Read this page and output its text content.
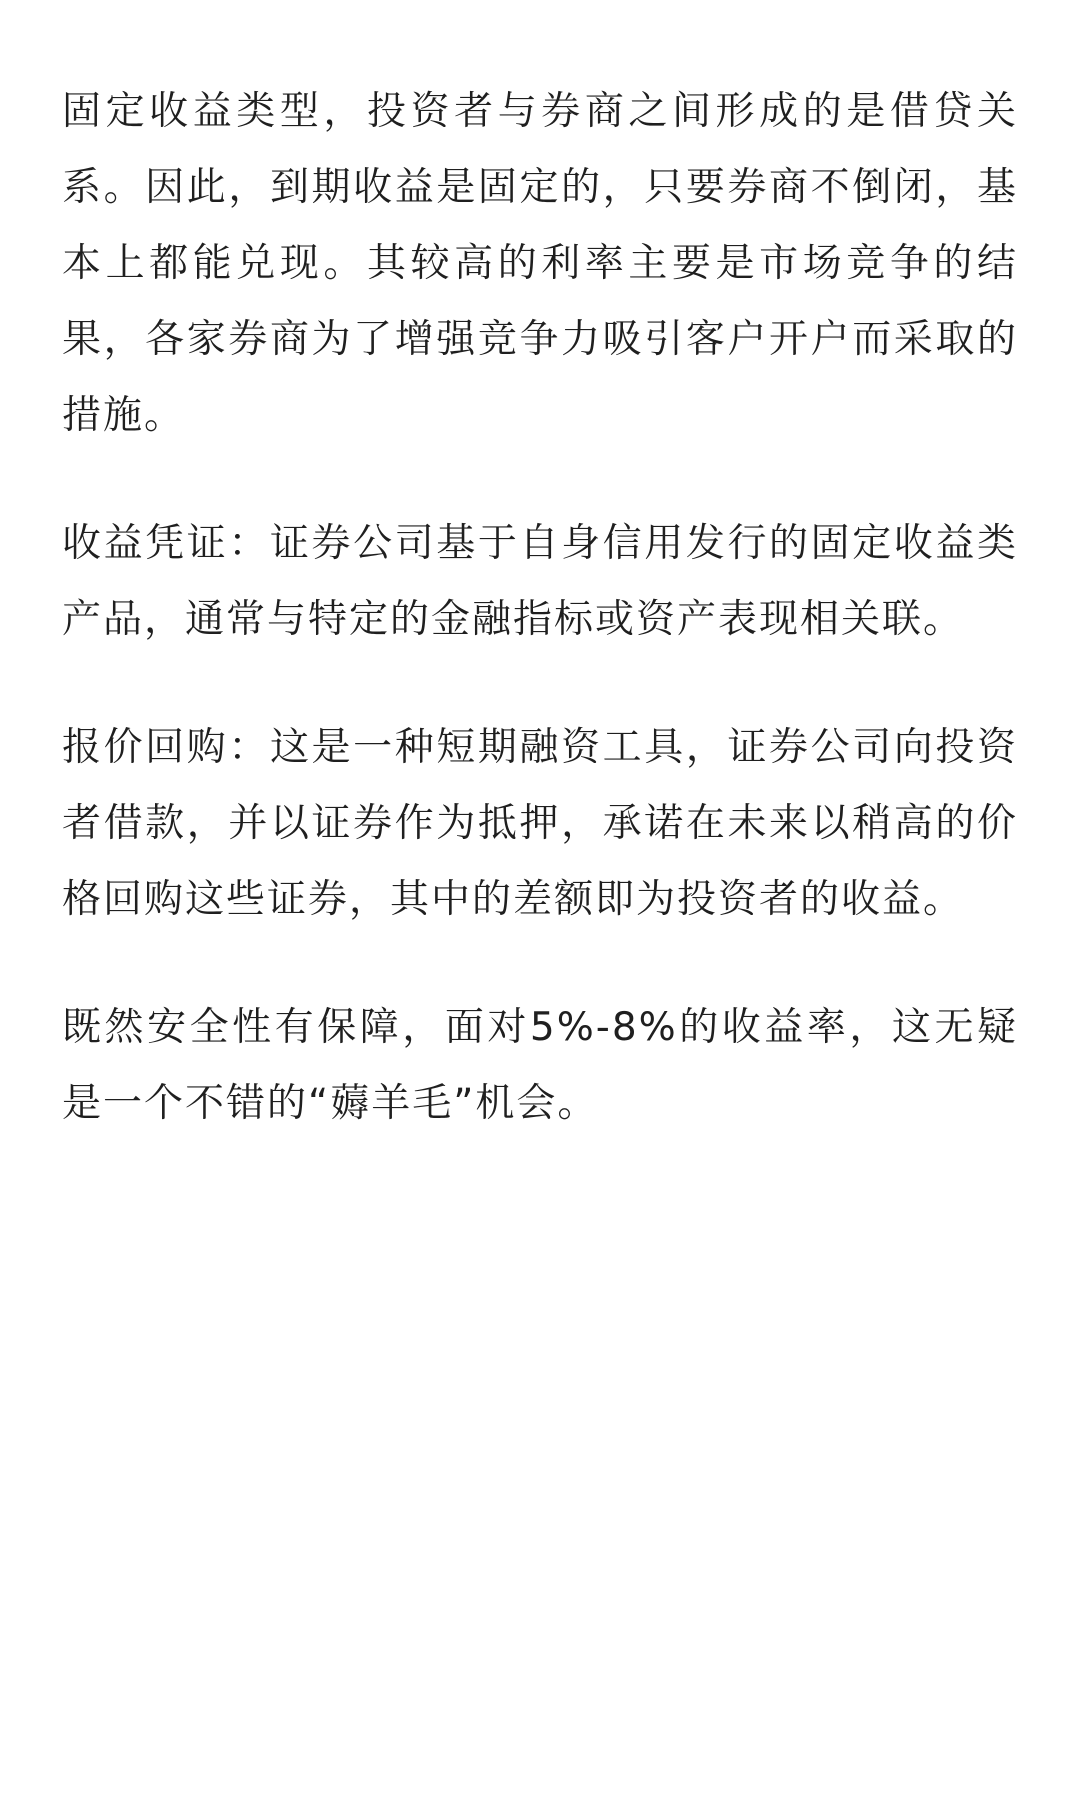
固定收益类型，投资者与券商之间形成的是借贷关系。因此，到期收益是固定的，只要券商不倒闭，基本上都能兑现。其较高的利率主要是市场竞争的结果，各家券商为了增强竞争力吸引客户开户而采取的措施。

收益凭证：证券公司基于自身信用发行的固定收益类产品，通常与特定的金融指标或资产表现相关联。

报价回购：这是一种短期融资工具，证券公司向投资者借款，并以证券作为抵押，承诺在未来以稍高的价格回购这些证券，其中的差额即为投资者的收益。

既然安全性有保障，面对5%-8%的收益率，这无疑是一个不错的“薅羊毛”机会。
